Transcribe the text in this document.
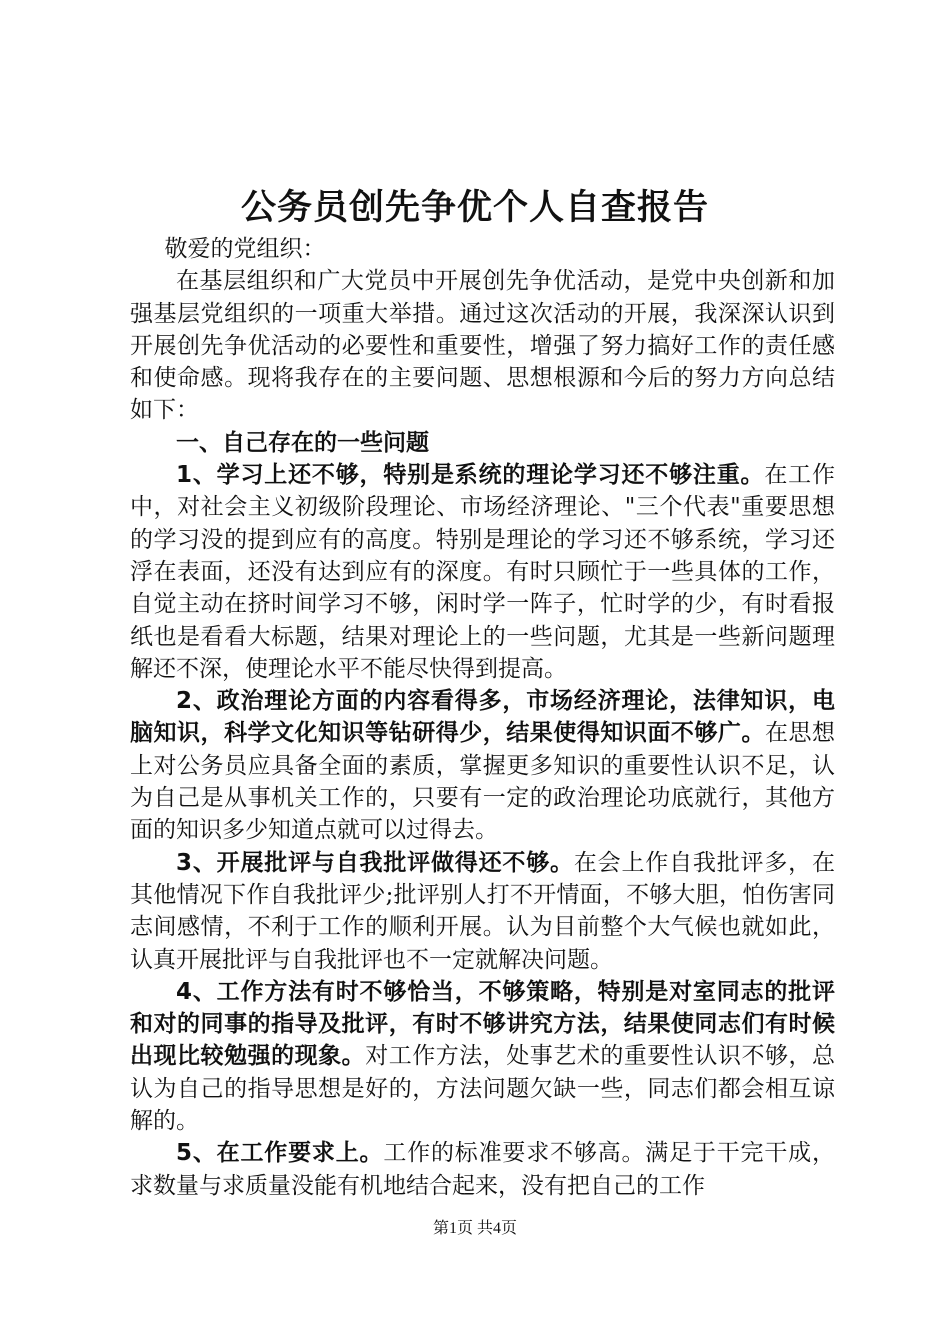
公务员创先争优个人自查报告

敬爱的党组织：

在基层组织和广大党员中开展创先争优活动，是党中央创新和加强基层党组织的一项重大举措。通过这次活动的开展，我深深认识到开展创先争优活动的必要性和重要性，增强了努力搞好工作的责任感和使命感。现将我存在的主要问题、思想根源和今后的努力方向总结如下：

一、自己存在的一些问题

1、学习上还不够，特别是系统的理论学习还不够注重。在工作中，对社会主义初级阶段理论、市场经济理论、"三个代表"重要思想的学习没的提到应有的高度。特别是理论的学习还不够系统，学习还浮在表面，还没有达到应有的深度。有时只顾忙于一些具体的工作，自觉主动在挤时间学习不够，闲时学一阵子，忙时学的少，有时看报纸也是看看大标题，结果对理论上的一些问题，尤其是一些新问题理解还不深，使理论水平不能尽快得到提高。

2、政治理论方面的内容看得多，市场经济理论，法律知识，电脑知识，科学文化知识等钻研得少，结果使得知识面不够广。在思想上对公务员应具备全面的素质，掌握更多知识的重要性认识不足，认为自己是从事机关工作的，只要有一定的政治理论功底就行，其他方面的知识多少知道点就可以过得去。

3、开展批评与自我批评做得还不够。在会上作自我批评多，在其他情况下作自我批评少;批评别人打不开情面，不够大胆，怕伤害同志间感情，不利于工作的顺利开展。认为目前整个大气候也就如此，认真开展批评与自我批评也不一定就解决问题。

4、工作方法有时不够恰当，不够策略，特别是对室同志的批评和对的同事的指导及批评，有时不够讲究方法，结果使同志们有时候出现比较勉强的现象。对工作方法，处事艺术的重要性认识不够，总认为自己的指导思想是好的，方法问题欠缺一些，同志们都会相互谅解的。

5、在工作要求上。工作的标准要求不够高。满足于干完干成，求数量与求质量没能有机地结合起来，没有把自己的工作

第1页 共4页
